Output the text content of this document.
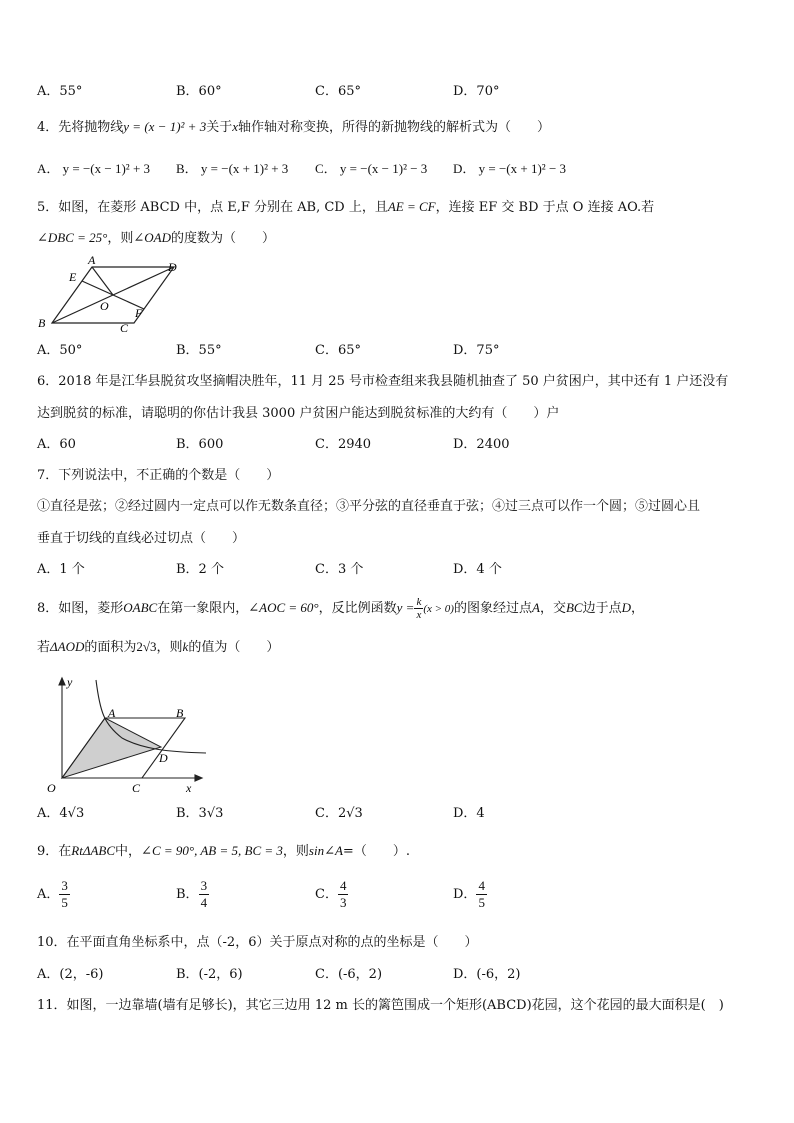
A．55°	B．60°	C．65°	D．70°
4．先将抛物线y = (x − 1)² + 3关于x轴作轴对称变换，所得的新抛物线的解析式为（　　）
A． y = −(x − 1)² + 3 B． y = −(x + 1)² + 3 C． y = −(x − 1)² − 3 D． y = −(x + 1)² − 3
5．如图，在菱形 ABCD 中，点 E,F 分别在 AB, CD 上，且AE = CF，连接 EF 交 BD 于点 O 连接 AO.若
∠DBC = 25°，则∠OAD的度数为（　　）
A
B	C
D
E
F
O
A．50°	B．55°	C．65°	D．75°
6．2018 年是江华县脱贫攻坚摘帽决胜年，11 月 25 号市检查组来我县随机抽查了 50 户贫困户，其中还有 1 户还没有
达到脱贫的标准，请聪明的你估计我县 3000 户贫困户能达到脱贫标准的大约有（　　）户
A．60	B．600	C．2940	D．2400
7．下列说法中，不正确的个数是（　　）
①直径是弦；②经过圆内一定点可以作无数条直径；③平分弦的直径垂直于弦；④过三点可以作一个圆；⑤过圆心且
垂直于切线的直线必过切点（　　）
A．1 个	B．2 个	C．3 个	D．4 个
8．如图，菱形OABC在第一象限内，∠AOC = 60°，反比例函数$y = \frac{k}{x} (x > 0)$的图象经过点A，交BC边于点D，
若ΔAOD的面积为2√3，则k的值为（　　）
O
A	B
C
D
x
y
A．4√3	B．3√3	C．2√3	D．4
9．在RtΔABC中，∠C = 90°, AB = 5, BC = 3，则sin∠A=（　　）.
A． $\frac{3}{5}$	B． $\frac{3}{4}$	C． $\frac{4}{3}$	D． $\frac{4}{5}$
10．在平面直角坐标系中，点（-2，6）关于原点对称的点的坐标是（　　）
A．(2，-6)	B．(-2，6)	C．(-6，2)	D．(-6，2)
11．如图，一边靠墙(墙有足够长)，其它三边用 12 m 长的篱笆围成一个矩形(ABCD)花园，这个花园的最大面积是(　)
